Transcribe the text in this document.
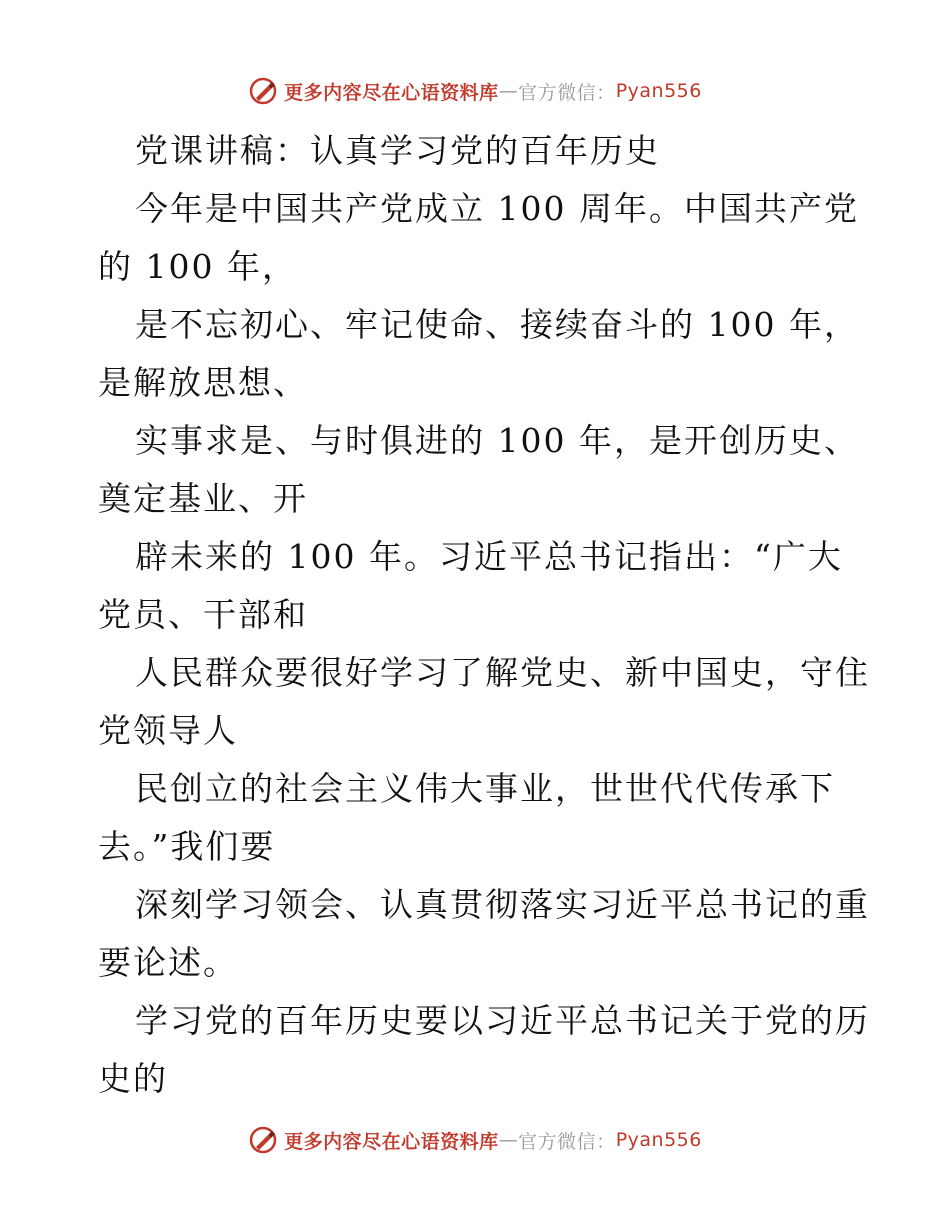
更多内容尽在心语资料库 — 官方微信： Pyan556
党课讲稿：认真学习党的百年历史
今年是中国共产党成立 100 周年。中国共产党
的 100 年，
是不忘初心、牢记使命、接续奋斗的 100 年，
是解放思想、
实事求是、与时俱进的 100 年，是开创历史、
奠定基业、开
辟未来的 100 年。习近平总书记指出：“广大
党员、干部和
人民群众要很好学习了解党史、新中国史，守住
党领导人
民创立的社会主义伟大事业，世世代代传承下
去。”我们要
深刻学习领会、认真贯彻落实习近平总书记的重
要论述。
学习党的百年历史要以习近平总书记关于党的历
史的
更多内容尽在心语资料库 — 官方微信： Pyan556
